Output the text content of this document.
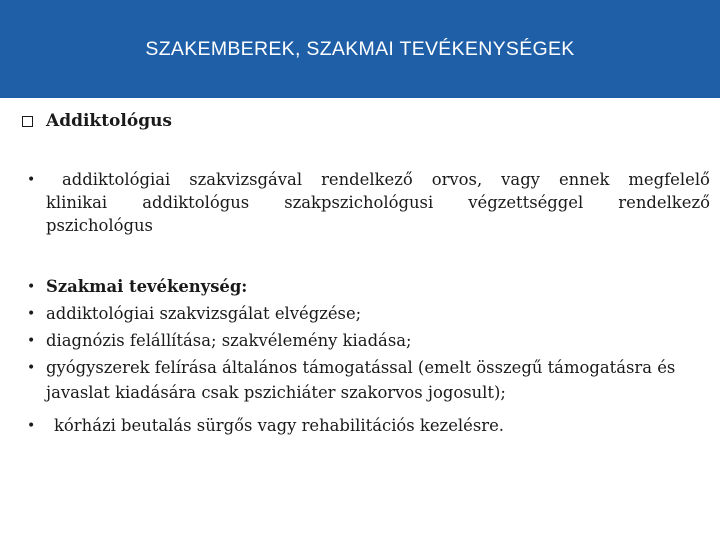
SZAKEMBEREK, SZAKMAI TEVÉKENYSÉGEK
Addiktológus
• addiktológiai szakvizsgával rendelkező orvos, vagy ennek megfelelő
klinikai addiktológus szakpszichológusi végzettséggel rendelkező
pszichológus
• Szakmai tevékenység:
• addiktológiai szakvizsgálat elvégzése;
• diagnózis felállítása; szakvélemény kiadása;
• gyógyszerek felírása általános támogatással (emelt összegű támogatásra és
javaslat kiadására csak pszichiáter szakorvos jogosult);
•	kórházi beutalás sürgős vagy rehabilitációs kezelésre.
